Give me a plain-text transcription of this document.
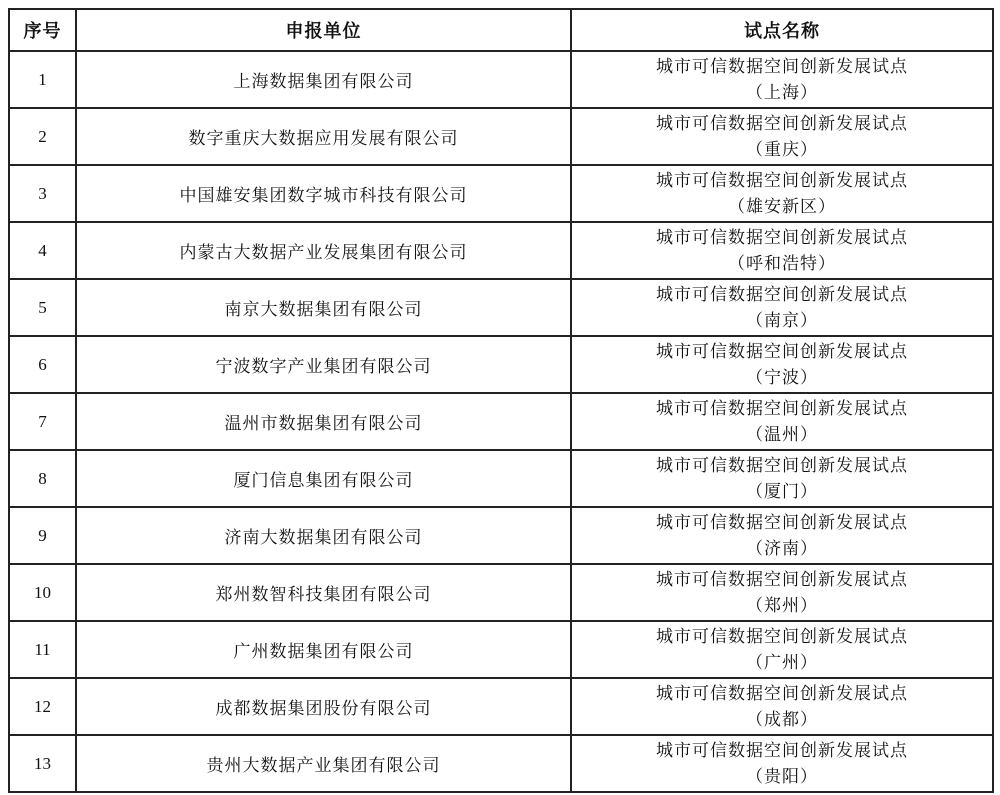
序号	申报单位	试点名称
1	上海数据集团有限公司	城市可信数据空间创新发展试点
（上海）

2	数字重庆大数据应用发展有限公司	城市可信数据空间创新发展试点
（重庆）

3	中国雄安集团数字城市科技有限公司	城市可信数据空间创新发展试点
（雄安新区）

4	内蒙古大数据产业发展集团有限公司	城市可信数据空间创新发展试点
（呼和浩特）

5	南京大数据集团有限公司	城市可信数据空间创新发展试点
（南京）

6	宁波数字产业集团有限公司	城市可信数据空间创新发展试点
（宁波）

7	温州市数据集团有限公司	城市可信数据空间创新发展试点
（温州）

8	厦门信息集团有限公司	城市可信数据空间创新发展试点
（厦门）

9	济南大数据集团有限公司	城市可信数据空间创新发展试点
（济南）

10	郑州数智科技集团有限公司	城市可信数据空间创新发展试点
（郑州）

11	广州数据集团有限公司	城市可信数据空间创新发展试点
（广州）

12	成都数据集团股份有限公司	城市可信数据空间创新发展试点
（成都）

13	贵州大数据产业集团有限公司	城市可信数据空间创新发展试点
（贵阳）
